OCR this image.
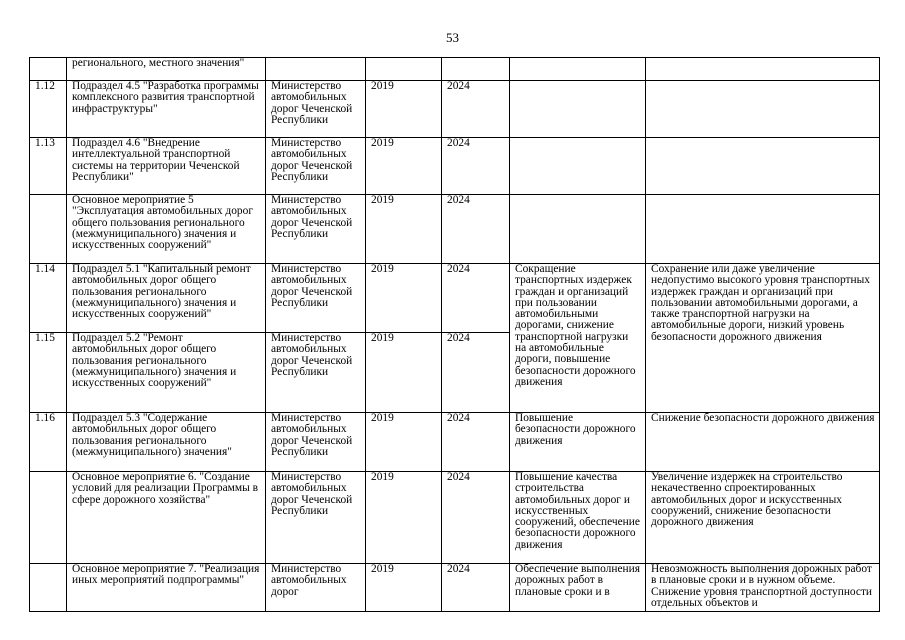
53
	регионального, местного значения"					
1.12	Подраздел 4.5 "Разработка программы комплексного развития транспортной инфраструктуры"	Министерство автомобильных дорог Чеченской Республики	2019	2024		
1.13	Подраздел 4.6 "Внедрение интеллектуальной транспортной системы на территории Чеченской Республики"	Министерство автомобильных дорог Чеченской Республики	2019	2024		
	Основное мероприятие 5 "Эксплуатация автомобильных дорог общего пользования регионального (межмуниципального) значения и искусственных сооружений"	Министерство автомобильных дорог Чеченской Республики	2019	2024		
1.14	Подраздел 5.1 "Капитальный ремонт автомобильных дорог общего пользования регионального (межмуниципального) значения и искусственных сооружений"	Министерство автомобильных дорог Чеченской Республики	2019	2024	Сокращение транспортных издержек граждан и организаций при пользовании автомобильными дорогами, снижение транспортной нагрузки на автомобильные дороги, повышение безопасности дорожного движения	Сохранение или даже увеличение недопустимо высокого уровня транспортных издержек граждан и организаций при пользовании автомобильными дорогами, а также транспортной нагрузки на автомобильные дороги, низкий уровень безопасности дорожного движения
1.15	Подраздел 5.2 "Ремонт автомобильных дорог общего пользования регионального (межмуниципального) значения и искусственных сооружений"	Министерство автомобильных дорог Чеченской Республики	2019	2024		
1.16	Подраздел 5.3 "Содержание автомобильных дорог общего пользования регионального (межмуниципального) значения"	Министерство автомобильных дорог Чеченской Республики	2019	2024	Повышение безопасности дорожного движения	Снижение безопасности дорожного движения
	Основное мероприятие 6. "Создание условий для реализации Программы в сфере дорожного хозяйства"	Министерство автомобильных дорог Чеченской Республики	2019	2024	Повышение качества строительства автомобильных дорог и искусственных сооружений, обеспечение безопасности дорожного движения	Увеличение издержек на строительство некачественно спроектированных автомобильных дорог и искусственных сооружений, снижение безопасности дорожного движения
	Основное мероприятие 7. "Реализация иных мероприятий подпрограммы"	Министерство автомобильных дорог	2019	2024	Обеспечение выполнения дорожных работ в плановые сроки и в	Невозможность выполнения дорожных работ в плановые сроки и в нужном объеме. Снижение уровня транспортной доступности отдельных объектов и
